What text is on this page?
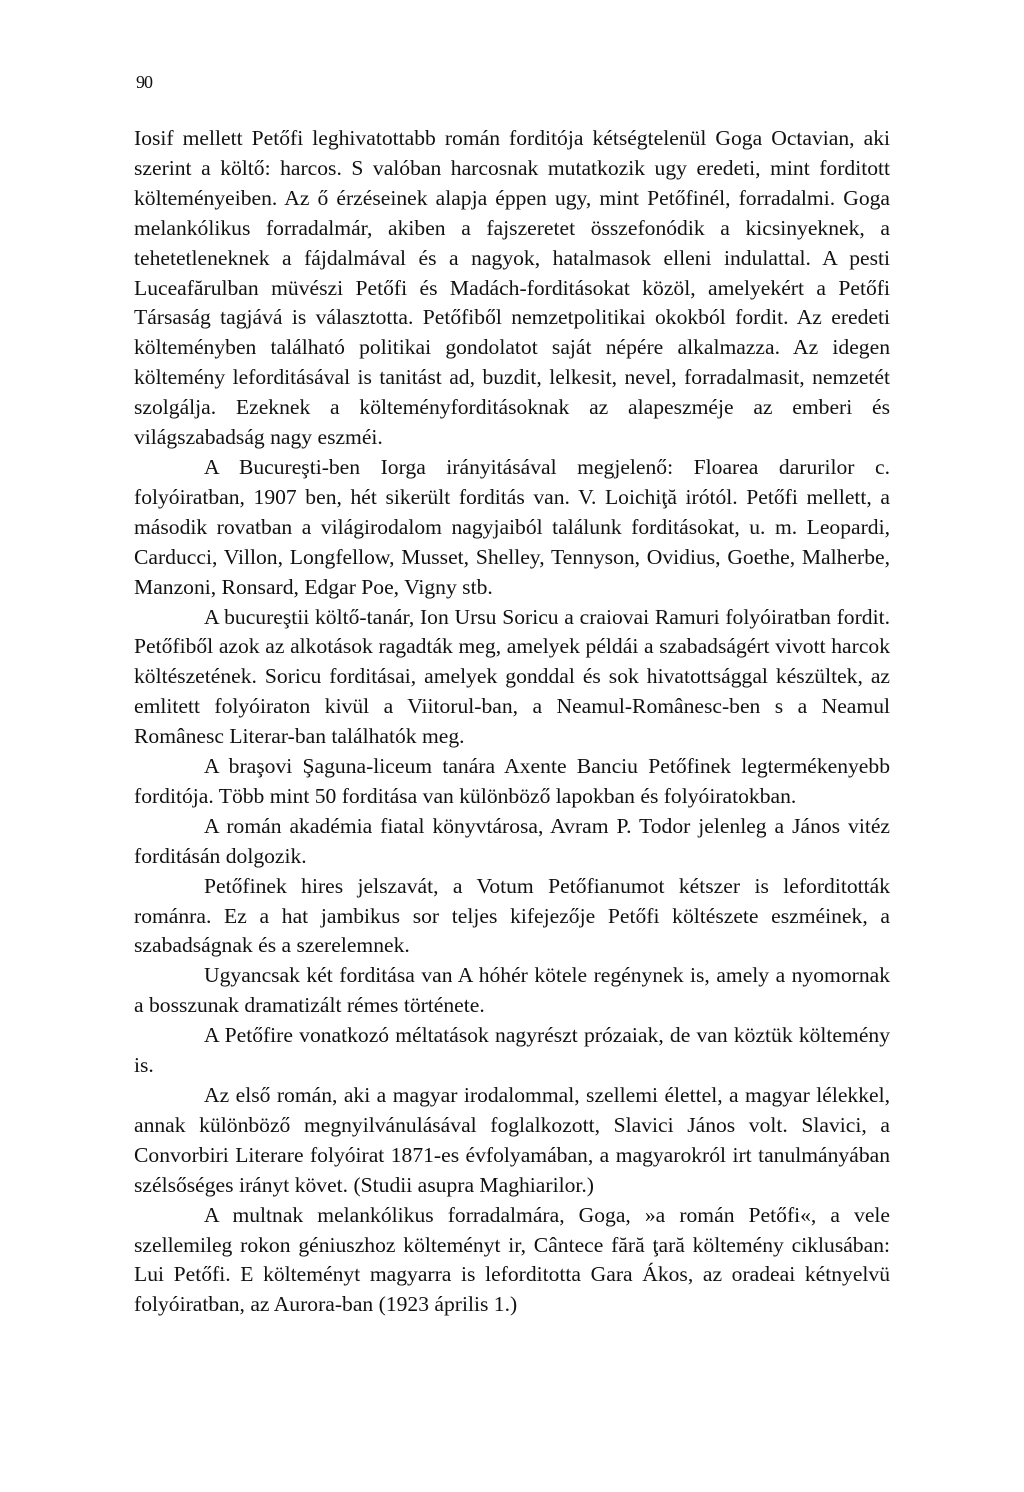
90

Iosif mellett Petőfi leghivatottabb román forditója kétségtelenül Goga Octavian, aki szerint a költő: harcos. S valóban harcosnak mutatkozik ugy eredeti, mint forditott költeményeiben. Az ő érzéseinek alapja éppen ugy, mint Petőfinél, forradalmi. Goga melankólikus forradalmár, akiben a fajszeretet összefonódik a kicsinyeknek, a tehetetleneknek a fájdalmával és a nagyok, hatalmasok elleni indulattal. A pesti Luceafărulban müvészi Petőfi és Madách-forditásokat közöl, amelyekért a Petőfi Társaság tagjává is választotta. Petőfiből nemzetpolitikai okokból fordit. Az eredeti költeményben található politikai gondolatot saját népére alkalmazza. Az idegen költemény leforditásával is tanitást ad, buzdit, lelkesit, nevel, forradalmasit, nemzetét szolgálja. Ezeknek a költeményforditásoknak az alapeszméje az emberi és világszabadság nagy eszméi.

A Bucureşti-ben Iorga irányitásával megjelenő: Floarea darurilor c. folyóiratban, 1907 ben, hét sikerült forditás van. V. Loichiţă irótól. Petőfi mellett, a második rovatban a világirodalom nagyjaiból találunk forditásokat, u. m. Leopardi, Carducci, Villon, Longfellow, Musset, Shelley, Tennyson, Ovidius, Goethe, Malherbe, Manzoni, Ronsard, Edgar Poe, Vigny stb.

A bucureştii költő-tanár, Ion Ursu Soricu a craiovai Ramuri folyóiratban fordit. Petőfiből azok az alkotások ragadták meg, amelyek példái a szabadságért vivott harcok költészetének. Soricu forditásai, amelyek gonddal és sok hivatottsággal készültek, az emlitett folyóiraton kivül a Viitorul-ban, a Neamul-Românesc-ben s a Neamul Românesc Literar-ban találhatók meg.

A braşovi Şaguna-liceum tanára Axente Banciu Petőfinek legtermékenyebb forditója. Több mint 50 forditása van különböző lapokban és folyóiratokban.

A román akadémia fiatal könyvtárosa, Avram P. Todor jelenleg a János vitéz forditásán dolgozik.

Petőfinek hires jelszavát, a Votum Petőfianumot kétszer is leforditották románra. Ez a hat jambikus sor teljes kifejezője Petőfi költészete eszméinek, a szabadságnak és a szerelemnek.

Ugyancsak két forditása van A hóhér kötele regénynek is, amely a nyomornak a bosszunak dramatizált rémes története.

A Petőfire vonatkozó méltatások nagyrészt prózaiak, de van köztük költemény is.

Az első román, aki a magyar irodalommal, szellemi élettel, a magyar lélekkel, annak különböző megnyilvánulásával foglalkozott, Slavici János volt. Slavici, a Convorbiri Literare folyóirat 1871-es évfolyamában, a magyarokról irt tanulmányában szélsőséges irányt követ. (Studii asupra Maghiarilor.)

A multnak melankólikus forradalmára, Goga, »a román Petőfi«, a vele szellemileg rokon géniuszhoz költeményt ir, Cântece fără ţară költemény ciklusában: Lui Petőfi. E költeményt magyarra is leforditotta Gara Ákos, az oradeai kétnyelvü folyóiratban, az Aurora-ban (1923 április 1.)
